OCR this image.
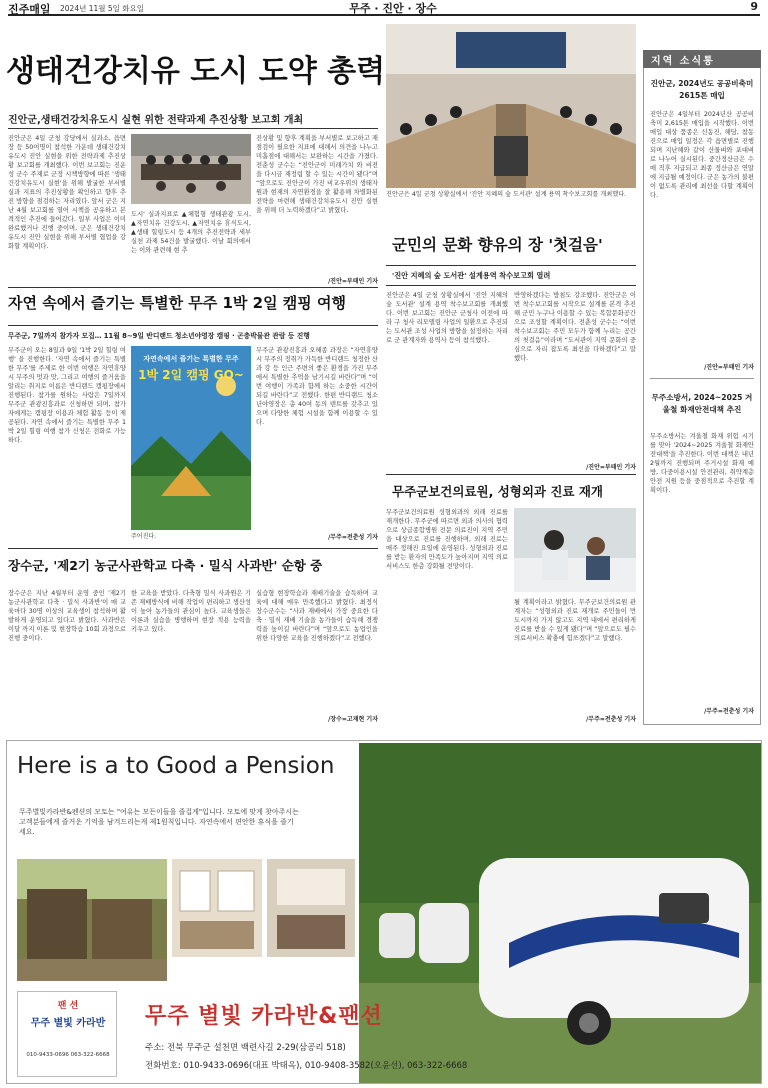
진주매일 2024년 11월 5일 화요일	무주 · 진안 · 장수	9
생태건강치유 도시 도약 총력
진안군,생태건강치유도시 실현 위한 전략과제 추진상황 보고회 개최
진안군은 4일 군청 강당에서 실과소, 읍면장 등 50여명이 참석한 가운데 생태건강치유도시 진안 실현을 위한 전략과제 추진상황 보고회를 개최했다. 이번 보고회는 진운성 군수 주재로 군정 시책방향에 따른 '생태건강치유도시 실현'을 위해 발굴한 부서별 실과 지표의 추진상황을 확인하고 향후 추진 방향을 점검하는 자리였다. 앞서 군은 지난 4월 보고회를 열어 시책을 공유하고 본격적인 추진에 들어갔다. 일부 사업은 이미 완료했거나 진행 중이며, 군은 생태건강치유도시 진안 실현을 위해 부서별 협업을 강화할 계획이다.
도시' 실과지표로 ▲체험형 생태관광 도시, ▲자연치유 건강도시, ▲자연치유 휴식도시, ▲생태 힐링도시 등 4개의 추진전략과 세부 실천 과제 54건을 발굴했다. 이날 회의에서는 이와 관련해 현 추
진상황 및 향후 계획을 부서별로 보고하고 재점검이 필요한 지표에 대해서 의견을 나누고 미흡점에 대해서는 보완하는 시간을 가졌다. 전춘성 군수는 “진안군이 미래가치 와 비전을 다시금 재정립 할 수 있는 시간이 됐다”며 “앞으로도 진안군이 가진 비교우위의 생태자원과 현재의 자연환경을 잘 활용해 차별화된 전략을 마련해 생태건강치유도시 진안 실현을 위해 더 노력하겠다”고 밝혔다.
/진안=부태인 기자
자연 속에서 즐기는 특별한 무주 1박 2일 캠핑 여행
무주군, 7일까지 참가자 모집… 11월 8~9일 반디랜드 청소년야영장 캠핑 · 곤충박물관 관람 등 진행
무주군이 오는 8일과 9일 '1박 2일 힐링 여행' 을 진행한다. '자연 속에서 즐기는 특별한 무주'를 주제로 한 이번 여행은 자연휴양시 무주의 멋과 맛, 그리고 여행의 즐거움을 알리는 취지로 이름은 반디랜드 캠핑장에서 진행된다. 참가를 원하는 사람은 7일까지 무주군 관광진흥과로 신청하면 되며, 참가자에게는 캠핑장 이용과 체험 활동 등이 제공된다. 자연 속에서 즐기는 특별한 무주 1박 2일 힐링 여행 참가 신청은 전화로 가능하다.
자연속에서 즐기는 특별한 무주
1박 2일 캠핑 GO~
주어진다.
무주군 관광진흥과 오혜종 과장은 “자연휴양시 무주의 정취가 가득한 반디랜드 청정한 산과 강 등 인근 주변의 좋은 환경을 가진 무주에서 특별한 추억을 남기시길 바란다”며 “이번 여행이 가족과 함께 하는 소중한 시간이 되길 바란다”고 전했다. 한편 반디랜드 청소년야영장은 총 40여 동의 텐트를 갖추고 있으며 다양한 체험 시설을 함께 이용할 수 있다.
/무주=전춘성 기자
장수군, '제2기 농군사관학교 다축 · 밀식 사과반' 순항 중
장수군은 지난 4월부터 운영 중인 '제2기 농군사관학교 다축 · 밀식 사과반'이 매 교육마다 30명 이상의 교육생이 참석하며 활발하게 운영되고 있다고 밝혔다. 사과반은 이달 까지 이론 및 현장학습 10회 과정으로 진행 중이다.
한 교육을 받았다. 다축형 밀식 사과원은 기존 재배방식에 비해 작업이 편리하고 생산성이 높아 농가들의 관심이 높다. 교육생들은 이론과 실습을 병행하며 현장 적용 능력을 키우고 있다.
실습형 현장학습과 재배기술을 습득하며 교육에 대해 매우 만족했다고 밝혔다. 최정식 장수군수는 “사과 재배에서 가장 중요한 다축 · 밀식 재배 기술을 농가들이 습득해 경쟁력을 높이길 바란다”며 “앞으로도 농업인을 위한 다양한 교육을 진행하겠다”고 전했다.
/장수=고재현 기자
진안군은 4일 군청 상황실에서 '진안 지혜의 숲 도서관' 설계 용역 착수보고회를 개최했다.
군민의 문화 향유의 장 '첫걸음'
'진안 지혜의 숲 도서관' 설계용역 착수보고회 열려
진안군은 4일 군청 상황실에서 '진안 지혜의 숲 도서관' 설계 용역 착수보고회를 개최했다. 이번 보고회는 진안군 군청사 이전에 따라 구 청사 리모델링 사업의 일환으로 추진되는 도서관 조성 사업의 방향을 설정하는 자리로 군 관계자와 용역사 등이 참석했다.
반영하겠다는 방침도 강조했다. 진안군은 이번 착수보고회를 시작으로 설계를 본격 추진해 군민 누구나 이용할 수 있는 복합문화공간으로 조성할 계획이다. 전춘성 군수는 “이번 착수보고회는 주민 모두가 함께 누리는 공간의 첫걸음”이라며 “도서관이 지역 문화의 중심으로 자리 잡도록 최선을 다하겠다”고 말했다.
/진안=부태인 기자
무주군보건의료원, 성형외과 진료 재개
무주군보건의료원 성형외과의 외래 진료를 재개한다. 무주군에 따르면 외과 의사의 협력으로 상급종합병원 전문 의료진이 지역 주민을 대상으로 진료를 진행하며, 외래 진료는 매주 정해진 요일에 운영된다. 성형외과 진료를 받는 환자의 만족도가 높아지며 지역 의료 서비스도 한층 강화될 전망이다.
될 계획이라고 밝혔다. 무주군보건의료원 관계자는 “성형외과 진료 재개로 주민들이 먼 도시까지 가지 않고도 지역 내에서 편리하게 진료를 받을 수 있게 됐다”며 “앞으로도 필수 의료서비스 확충에 힘쓰겠다”고 말했다.
/무주=전춘성 기자
지역 소식통
진안군, 2024년도 공공비축미 2615톤 매입
진안군은 4일부터 2024년산 공공비축미 2,615톤 매입을 시작했다. 이번 매입 대상 품종은 신동진, 해담, 참동진으로 매입 일정은 각 읍면별로 진행되며 지난해와 같이 산물벼와 포대벼로 나누어 실시된다. 중간정산금은 수매 직후 지급되고 최종 정산금은 연말에 지급될 예정이다. 군은 농가의 불편이 없도록 관리에 최선을 다할 계획이다.
/진안=부태인 기자
무주소방서, 2024~2025 겨울철 화재안전대책 추진
무주소방서는 겨울철 화재 위험 시기를 맞아 '2024~2025 겨울철 화재안전대책'을 추진한다. 이번 대책은 내년 2월까지 진행되며 주거시설 화재 예방, 다중이용시설 안전관리, 취약계층 안전 지원 등을 중점적으로 추진할 계획이다.
/무주=전춘성 기자
Here is a to Good a Pension
무주별빛카라반&펜션의 모토는 "여유는 모든이들을 즐겁게"입니다. 모토에 맞게 찾아주시는 고객분들에게 즐거운 기억을 남겨드리는게 제1원칙입니다. 자연속에서 편안한 휴식을 즐기세요.
팬 션
무주 별빛 카라반
010-9433-0696 063-322-6668
무주 별빛 카라반&팬션
주소: 전북 무주군 설천면 백련사길 2-29(삼공리 518)
전화번호: 010-9433-0696(대표 박태옥), 010-9408-3582(오윤선), 063-322-6668
